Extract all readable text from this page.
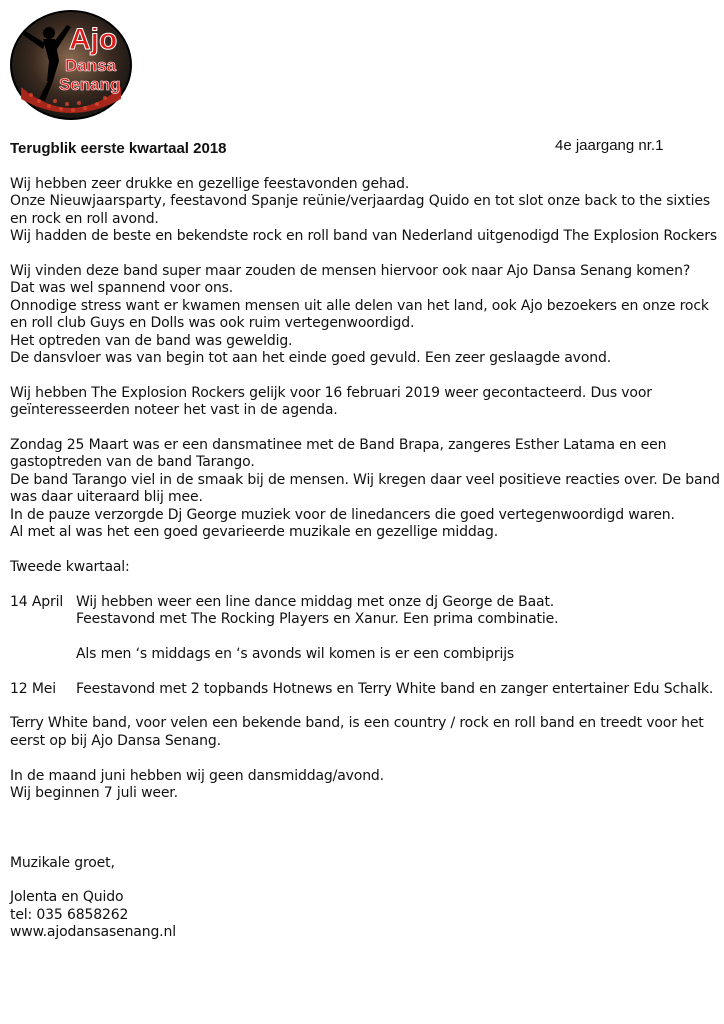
Ajo
Dansa
Senang
Terugblik eerste kwartaal 2018	4e jaargang nr.1

Wij hebben zeer drukke en gezellige feestavonden gehad.
Onze Nieuwjaarsparty, feestavond Spanje reünie/verjaardag Quido en tot slot onze back to the sixties en rock en roll avond.
Wij hadden de beste en bekendste rock en roll band van Nederland uitgenodigd The Explosion Rockers

Wij vinden deze band super maar zouden de mensen hiervoor ook naar Ajo Dansa Senang komen?
Dat was wel spannend voor ons.
Onnodige stress want er kwamen mensen uit alle delen van het land, ook Ajo bezoekers en onze rock en roll club Guys en Dolls was ook ruim vertegenwoordigd.
Het optreden van de band was geweldig.
De dansvloer was van begin tot aan het einde goed gevuld. Een zeer geslaagde avond.

Wij hebben The Explosion Rockers gelijk voor 16 februari 2019 weer gecontacteerd. Dus voor geïnteresseerden noteer het vast in de agenda.

Zondag 25 Maart was er een dansmatinee met de Band Brapa, zangeres Esther Latama en een gastoptreden van de band Tarango.
De band Tarango viel in de smaak bij de mensen. Wij kregen daar veel positieve reacties over. De band was daar uiteraard blij mee.
In de pauze verzorgde Dj George muziek voor de linedancers die goed vertegenwoordigd waren.
Al met al was het een goed gevarieerde muzikale en gezellige middag.

Tweede kwartaal:

14 April Wij hebben weer een line dance middag met onze dj George de Baat.
Feestavond met The Rocking Players en Xanur. Een prima combinatie.

Als men ‘s middags en ‘s avonds wil komen is er een combiprijs

12 Mei	Feestavond met 2 topbands Hotnews en Terry White band en zanger entertainer Edu Schalk.

Terry White band, voor velen een bekende band, is een country / rock en roll band en treedt voor het eerst op bij Ajo Dansa Senang.

In de maand juni hebben wij geen dansmiddag/avond.
Wij beginnen 7 juli weer.

Muzikale groet,

Jolenta en Quido

tel: 035 6858262

www.ajodansasenang.nl
